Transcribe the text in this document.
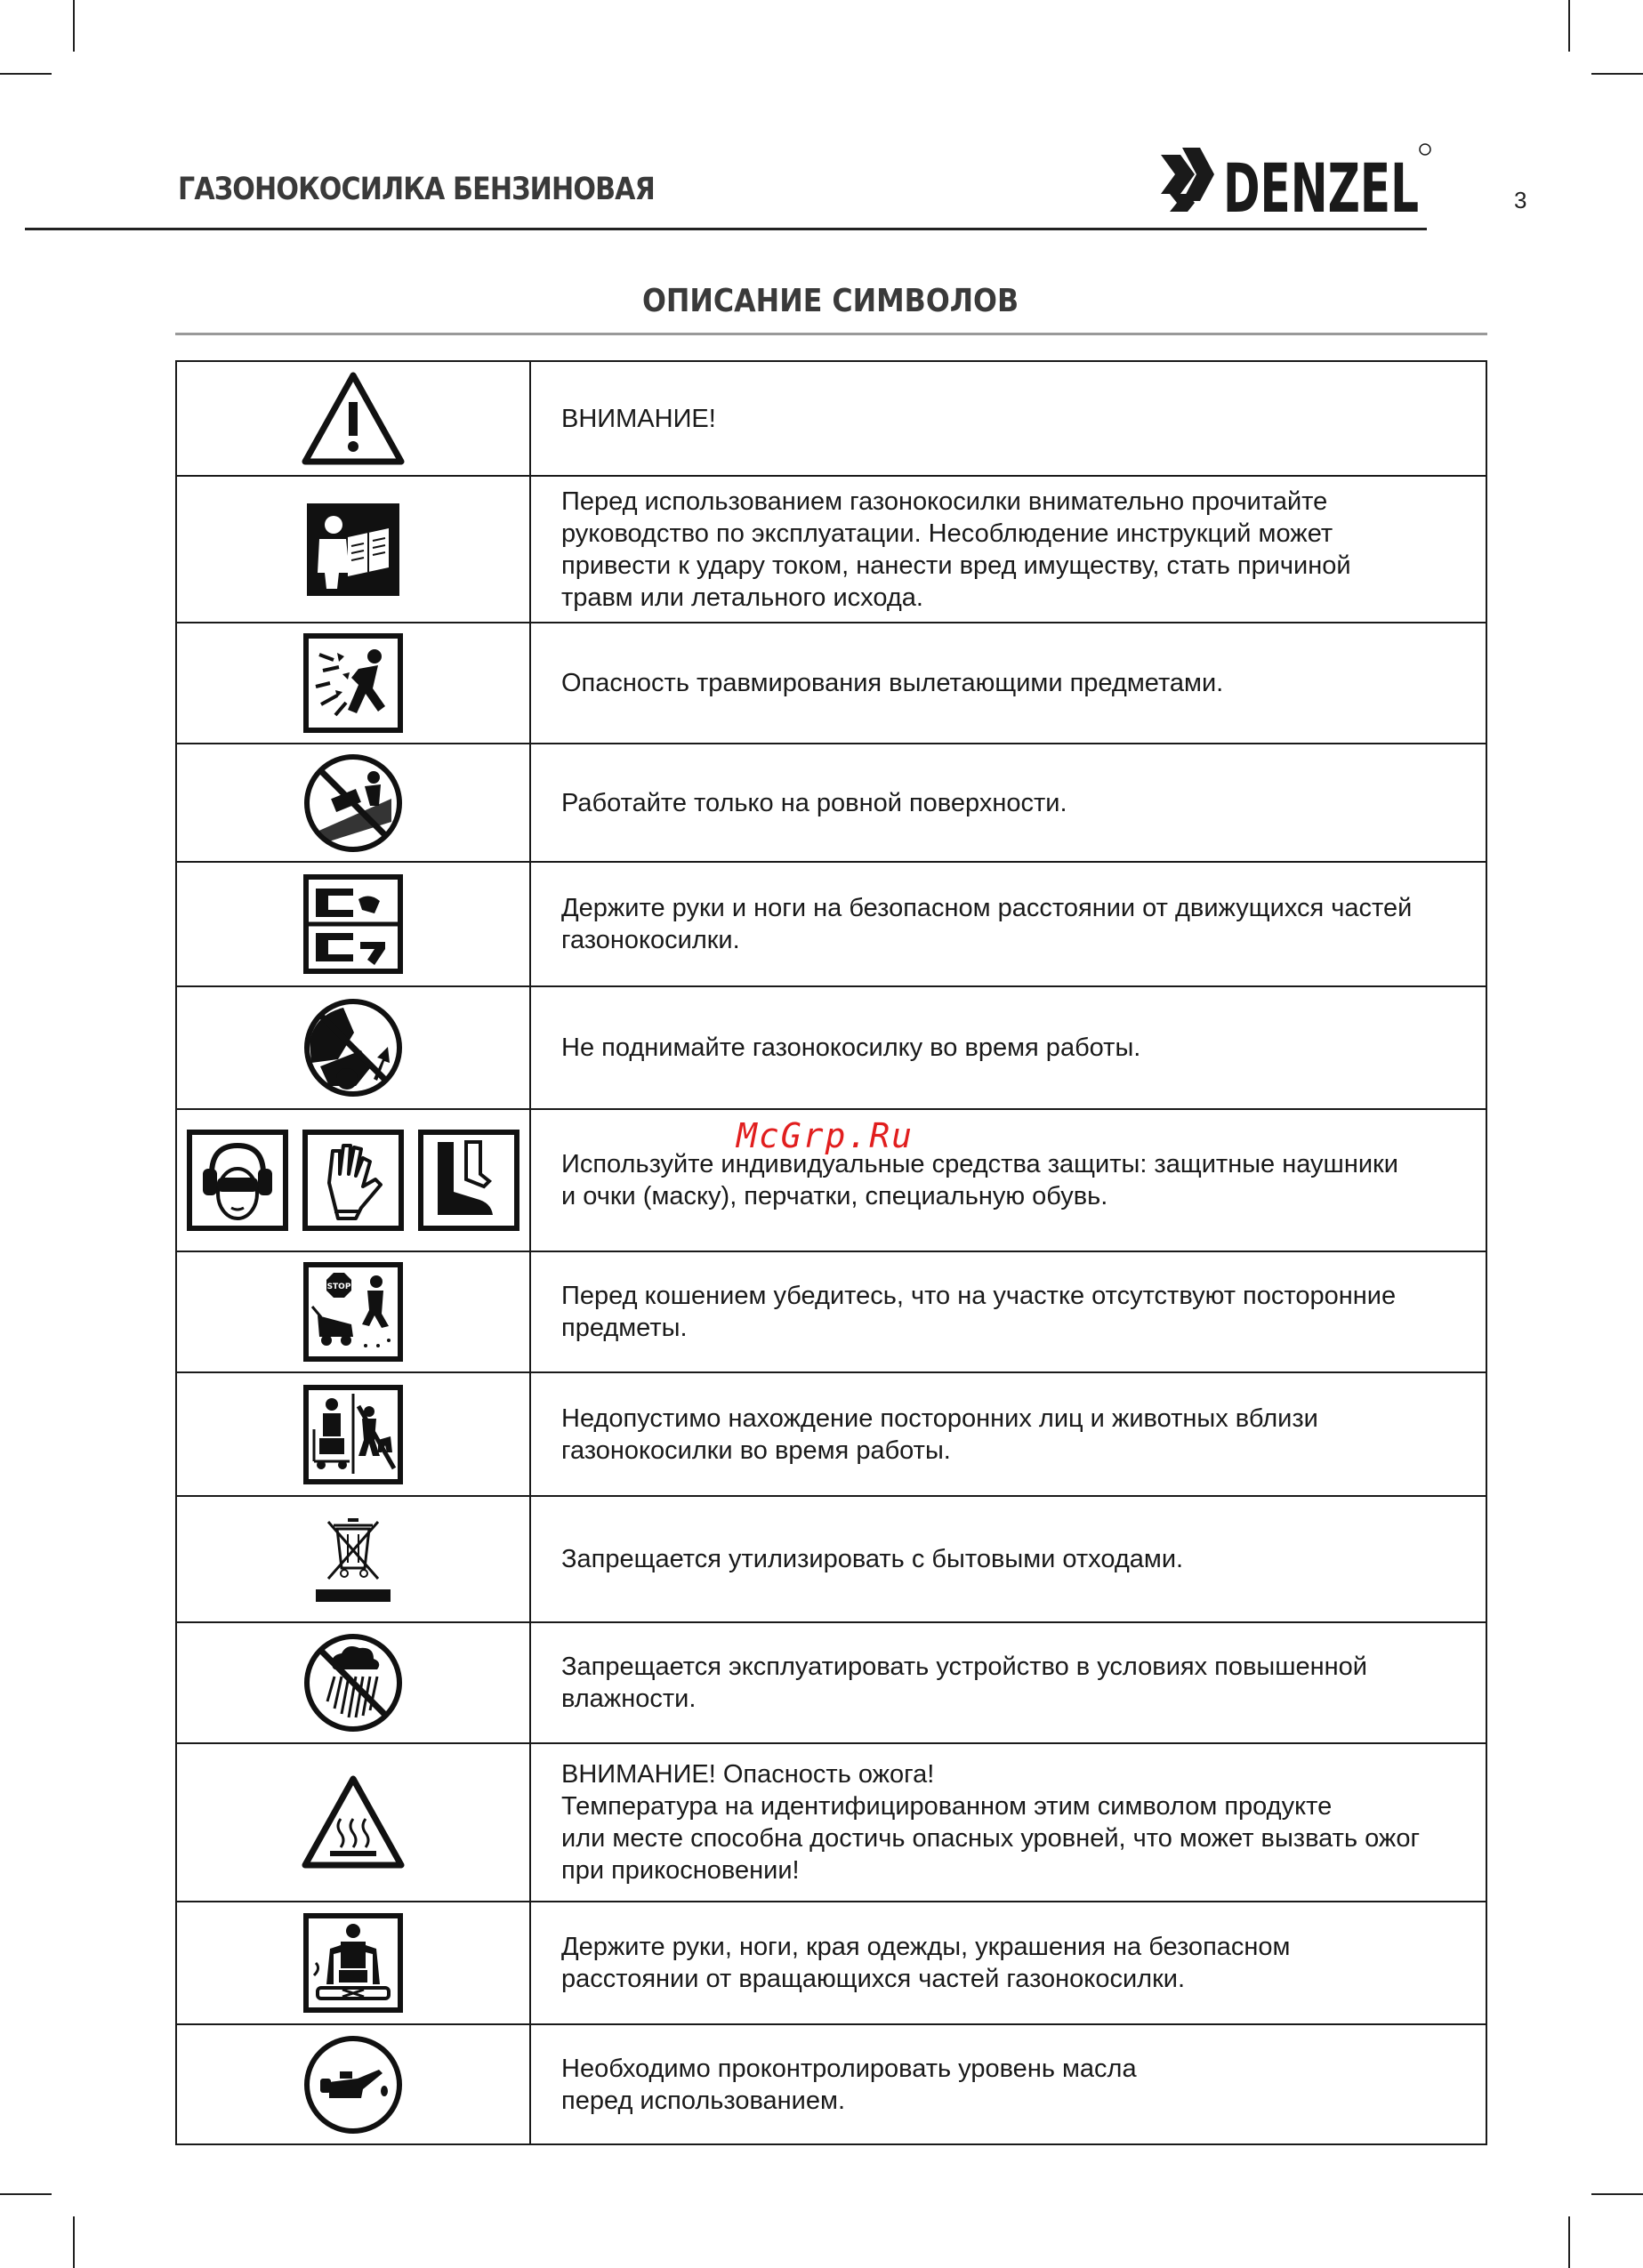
ГАЗОНОКОСИЛКА БЕНЗИНОВАЯ	DENZEL	3
ОПИСАНИЕ СИМВОЛОВ

ВНИМАНИЕ!

Перед использованием газонокосилки внимательно прочитайте
руководство по эксплуатации. Несоблюдение инструкций может
привести к удару током, нанести вред имуществу, стать причиной
травм или летального исхода.

Опасность травмирования вылетающими предметами.

Работайте только на ровной поверхности.

Держите руки и ноги на безопасном расстоянии от движущихся частей
газонокосилки.

Не поднимайте газонокосилку во время работы.

Используйте индивидуальные средства защиты: защитные наушники
и очки (маску), перчатки, специальную обувь.

STOP	Перед кошением убедитесь, что на участке отсутствуют посторонние
предметы.

Недопустимо нахождение посторонних лиц и животных вблизи
газонокосилки во время работы.

Запрещается утилизировать с бытовыми отходами.

Запрещается эксплуатировать устройство в условиях повышенной
влажности.

ВНИМАНИЕ! Опасность ожога!
Температура на идентифицированном этим символом продукте
или месте способна достичь опасных уровней, что может вызвать ожог
при прикосновении!

Держите руки, ноги, края одежды, украшения на безопасном
расстоянии от вращающихся частей газонокосилки.

Необходимо проконтролировать уровень масла
перед использованием.
McGrp.Ru
